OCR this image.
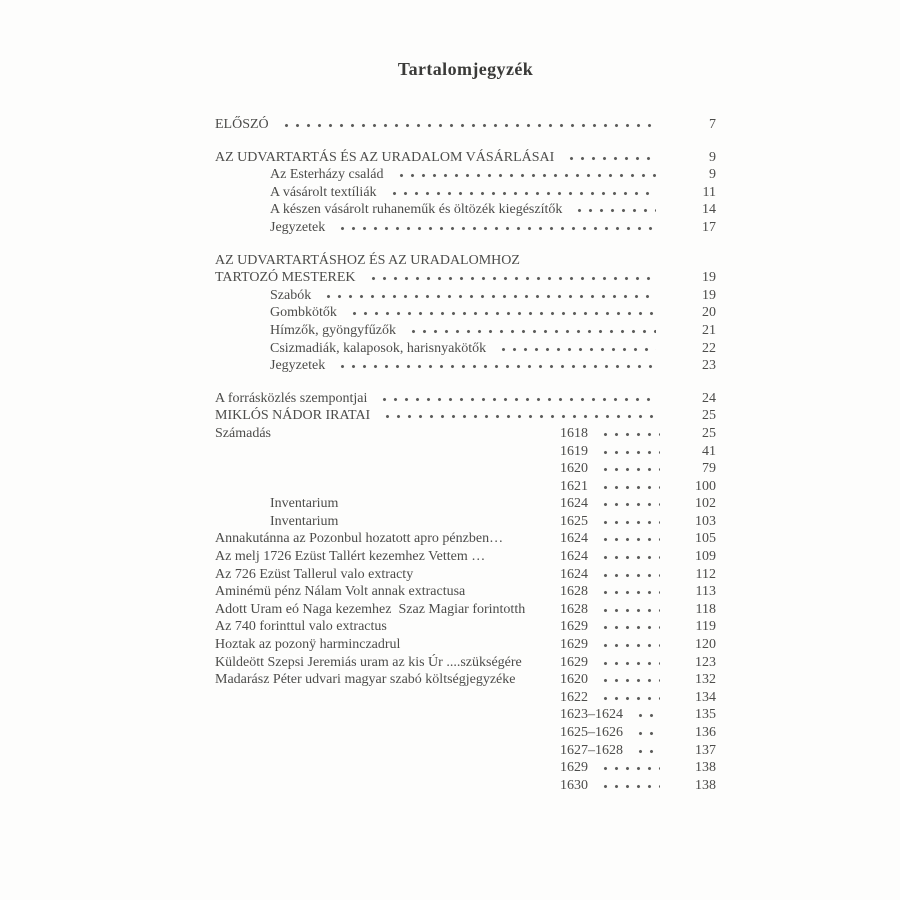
Tartalomjegyzék
ELŐSZÓ	7
AZ UDVARTARTÁS ÉS AZ URADALOM VÁSÁRLÁSAI	9
Az Esterházy család	9
A vásárolt textíliák	11
A készen vásárolt ruhaneműk és öltözék kiegészítők	14
Jegyzetek	17
AZ UDVARTARTÁSHOZ ÉS AZ URADALOMHOZ
TARTOZÓ MESTEREK	19
Szabók	19
Gombkötők	20
Hímzők, gyöngyfűzők	21
Csizmadiák, kalaposok, harisnyakötők	22
Jegyzetek	23
A forrásközlés szempontjai	24
MIKLÓS NÁDOR IRATAI	25
Számadás	1618	25
1619	41
1620	79
1621	100
Inventarium	1624	102
Inventarium	1625	103
Annakutánna az Pozonbul hozatott apro pénzben…	1624	105
Az melj 1726 Ezüst Tallért kezemhez Vettem …	1624	109
Az 726 Ezüst Tallerul valo extracty	1624	112
Aminémü pénz Nálam Volt annak extractusa	1628	113
Adott Uram eó Naga kezemhez  Szaz Magiar forintotth	1628	118
Az 740 forinttul valo extractus	1629	119
Hoztak az pozonÿ harminczadrul	1629	120
Küldeött Szepsi Jeremiás uram az kis Úr ....szükségére	1629	123
Madarász Péter udvari magyar szabó költségjegyzéke	1620	132
1622	134
1623–1624	135
1625–1626	136
1627–1628	137
1629	138
1630	138
